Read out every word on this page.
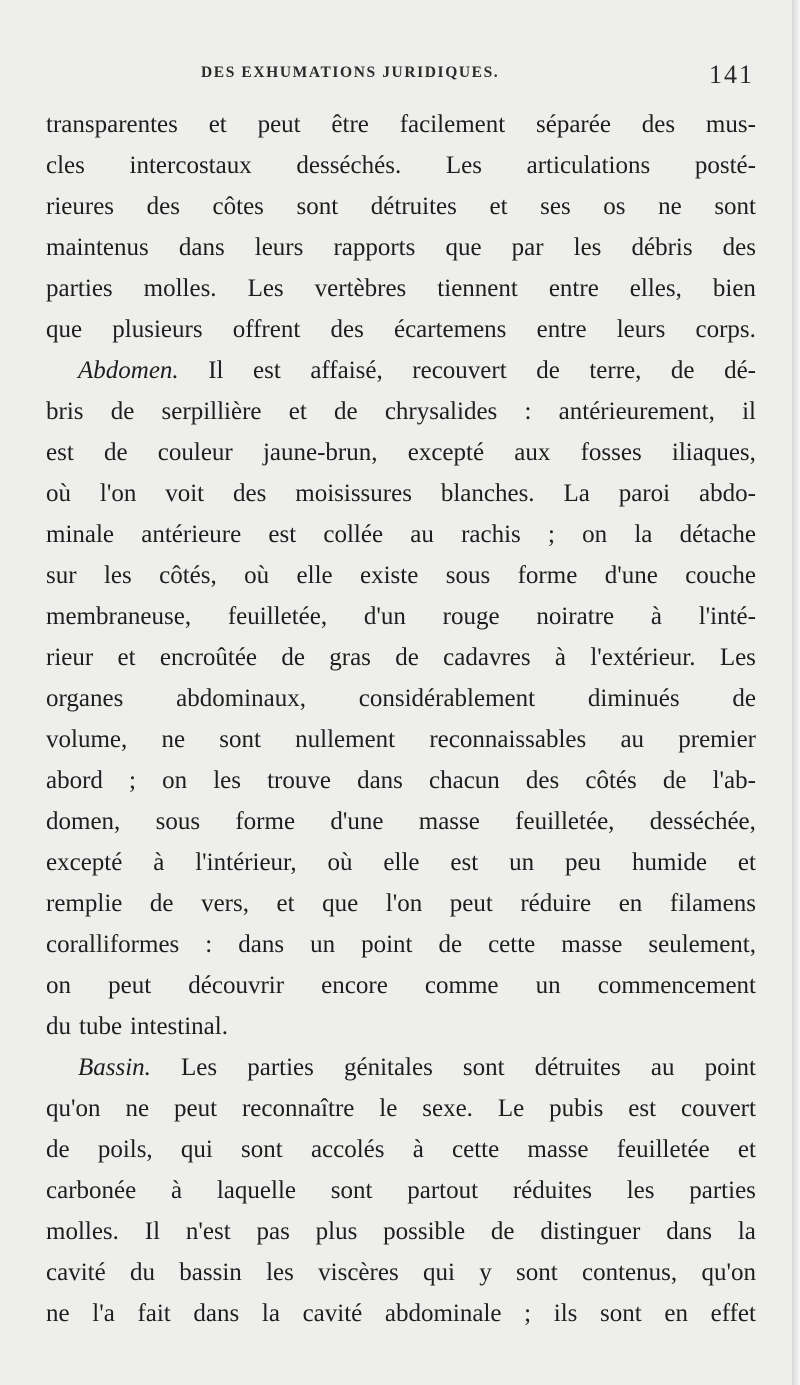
DES EXHUMATIONS JURIDIQUES.	141
transparentes et peut être facilement séparée des mus-
cles intercostaux desséchés. Les articulations posté-
rieures des côtes sont détruites et ses os ne sont
maintenus dans leurs rapports que par les débris des
parties molles. Les vertèbres tiennent entre elles, bien
que plusieurs offrent des écartemens entre leurs corps.
Abdomen. Il est affaisé, recouvert de terre, de dé-
bris de serpillière et de chrysalides : antérieurement, il
est de couleur jaune-brun, excepté aux fosses iliaques,
où l'on voit des moisissures blanches. La paroi abdo-
minale antérieure est collée au rachis ; on la détache
sur les côtés, où elle existe sous forme d'une couche
membraneuse, feuilletée, d'un rouge noiratre à l'inté-
rieur et encroûtée de gras de cadavres à l'extérieur. Les
organes abdominaux, considérablement diminués de
volume, ne sont nullement reconnaissables au premier
abord ; on les trouve dans chacun des côtés de l'ab-
domen, sous forme d'une masse feuilletée, desséchée,
excepté à l'intérieur, où elle est un peu humide et
remplie de vers, et que l'on peut réduire en filamens
coralliformes : dans un point de cette masse seulement,
on peut découvrir encore comme un commencement
du tube intestinal.
Bassin. Les parties génitales sont détruites au point
qu'on ne peut reconnaître le sexe. Le pubis est couvert
de poils, qui sont accolés à cette masse feuilletée et
carbonée à laquelle sont partout réduites les parties
molles. Il n'est pas plus possible de distinguer dans la
cavité du bassin les viscères qui y sont contenus, qu'on
ne l'a fait dans la cavité abdominale ; ils sont en effet
